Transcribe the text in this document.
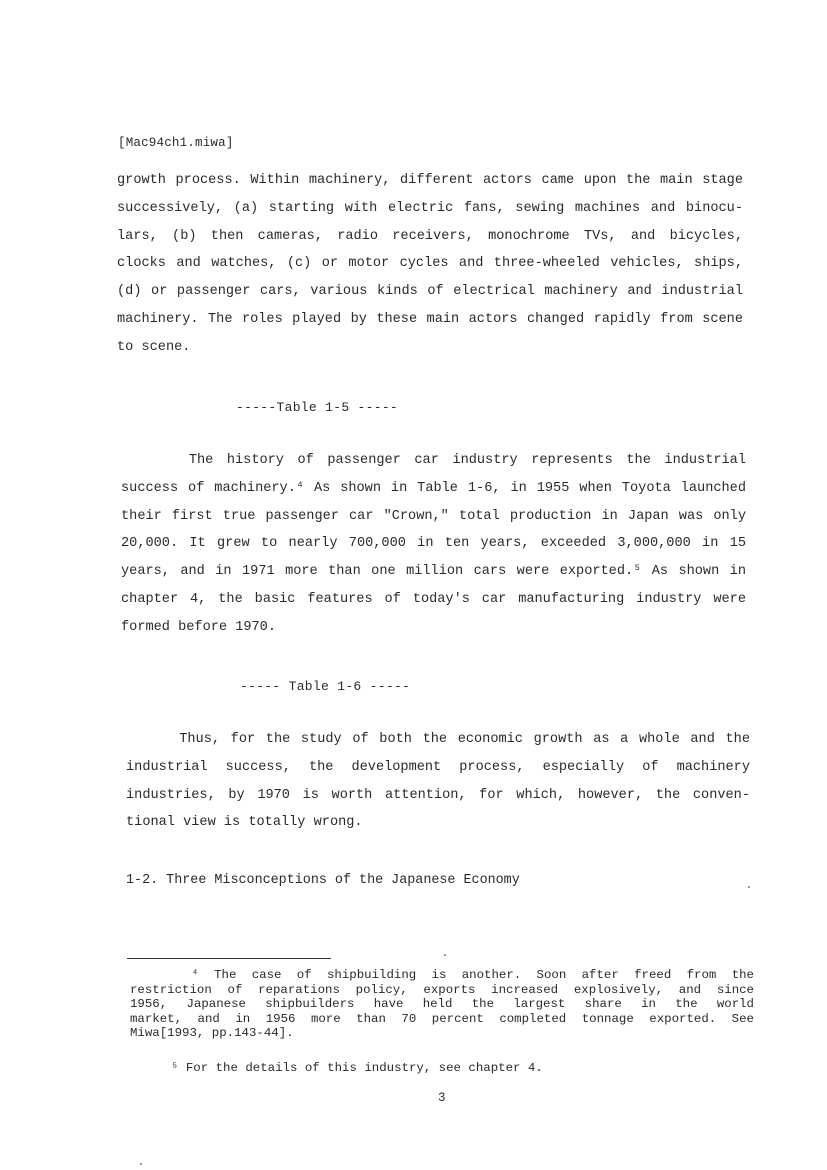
[Mac94ch1.miwa]
growth process. Within machinery, different actors came upon the main stage
successively, (a) starting with electric fans, sewing machines and binocu-
lars, (b) then cameras, radio receivers, monochrome TVs, and bicycles,
clocks and watches, (c) or motor cycles and three-wheeled vehicles, ships,
(d) or passenger cars, various kinds of electrical machinery and industrial
machinery. The roles played by these main actors changed rapidly from scene
to scene.
-----Table 1-5 -----
The history of passenger car industry represents the industrial
success of machinery.⁴ As shown in Table 1-6, in 1955 when Toyota launched
their first true passenger car "Crown," total production in Japan was only
20,000. It grew to nearly 700,000 in ten years, exceeded 3,000,000 in 15
years, and in 1971 more than one million cars were exported.⁵ As shown in
chapter 4, the basic features of today's car manufacturing industry were
formed before 1970.
----- Table 1-6 -----
Thus, for the study of both the economic growth as a whole and the
industrial success, the development process, especially of machinery
industries, by 1970 is worth attention, for which, however, the conven-
tional view is totally wrong.
1-2. Three Misconceptions of the Japanese Economy
⁴ The case of shipbuilding is another. Soon after freed from the
restriction of reparations policy, exports increased explosively, and since
1956, Japanese shipbuilders have held the largest share in the world
market, and in 1956 more than 70 percent completed tonnage exported. See
Miwa[1993, pp.143-44].
⁵ For the details of this industry, see chapter 4.
3
